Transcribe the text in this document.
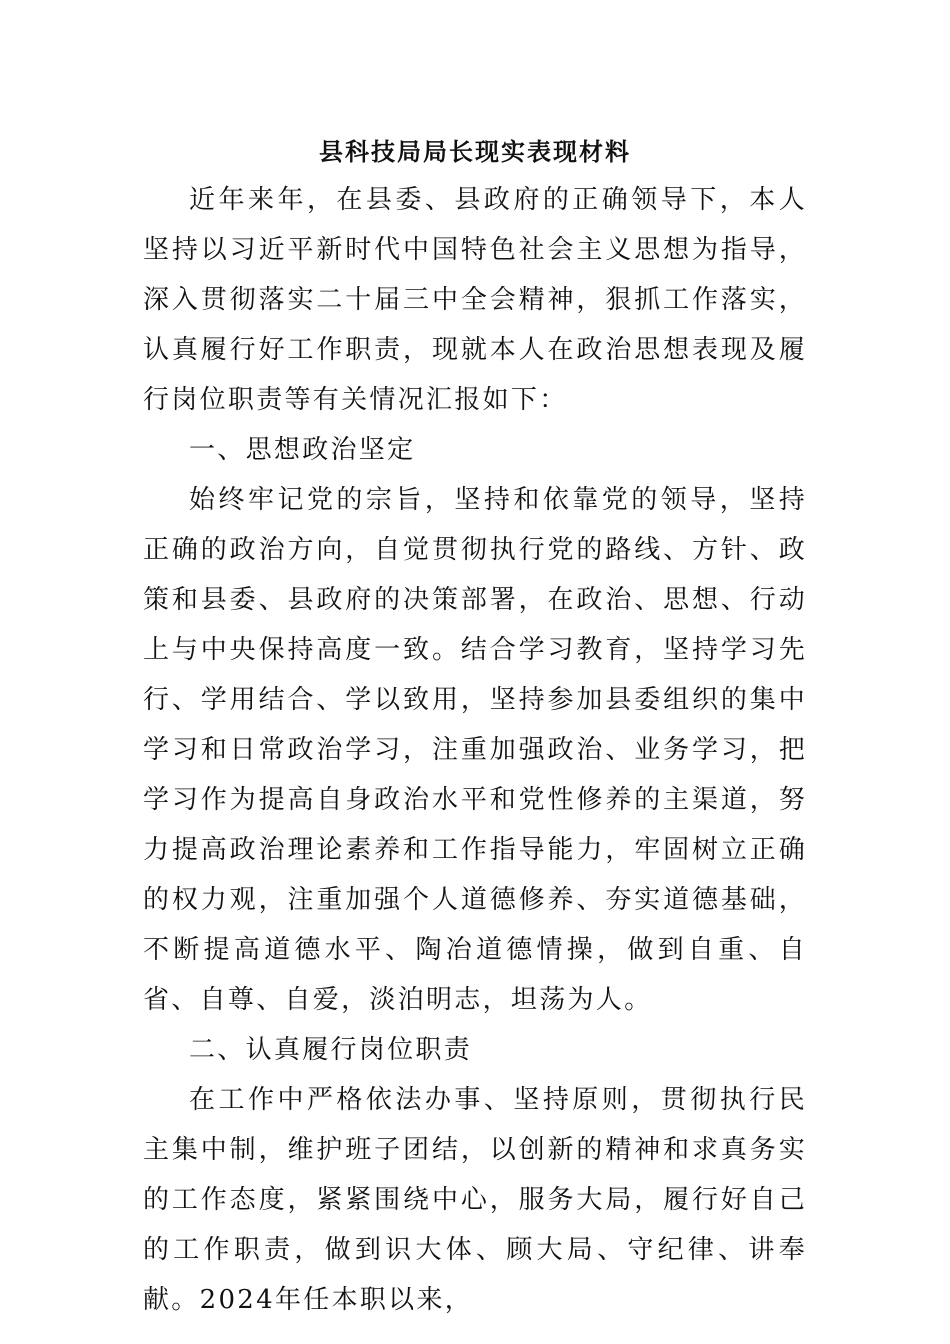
县科技局局长现实表现材料

近年来年，在县委、县政府的正确领导下，本人坚持以习近平新时代中国特色社会主义思想为指导，深入贯彻落实二十届三中全会精神，狠抓工作落实，认真履行好工作职责，现就本人在政治思想表现及履行岗位职责等有关情况汇报如下：

一、思想政治坚定

始终牢记党的宗旨，坚持和依靠党的领导，坚持正确的政治方向，自觉贯彻执行党的路线、方针、政策和县委、县政府的决策部署，在政治、思想、行动上与中央保持高度一致。结合学习教育，坚持学习先行、学用结合、学以致用，坚持参加县委组织的集中学习和日常政治学习，注重加强政治、业务学习，把学习作为提高自身政治水平和党性修养的主渠道，努力提高政治理论素养和工作指导能力，牢固树立正确的权力观，注重加强个人道德修养、夯实道德基础，不断提高道德水平、陶冶道德情操，做到自重、自省、自尊、自爱，淡泊明志，坦荡为人。

二、认真履行岗位职责

在工作中严格依法办事、坚持原则，贯彻执行民主集中制，维护班子团结，以创新的精神和求真务实的工作态度，紧紧围绕中心，服务大局，履行好自己的工作职责，做到识大体、顾大局、守纪律、讲奉献。2024年任本职以来，
